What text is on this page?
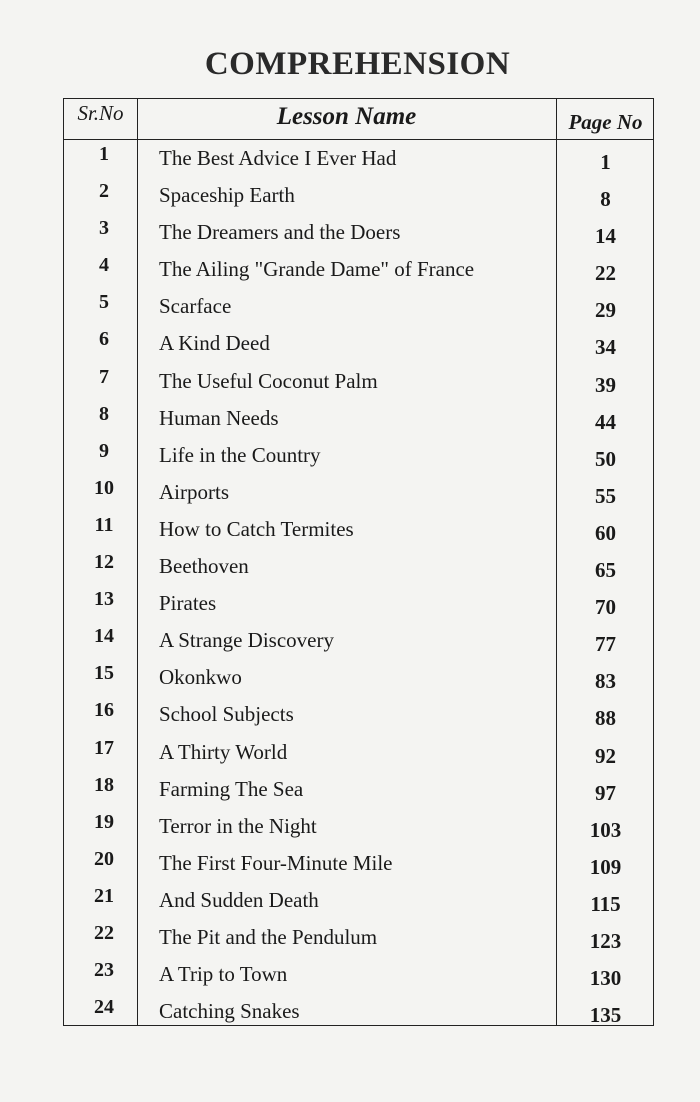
COMPREHENSION
Sr.No	Lesson Name	Page No
1	The Best Advice I Ever Had	1
2	Spaceship Earth	8
3	The Dreamers and the Doers	14
4	The Ailing "Grande Dame" of France	22
5	Scarface	29
6	A Kind Deed	34
7	The Useful Coconut Palm	39
8	Human Needs	44
9	Life in the Country	50
10	Airports	55
11	How to Catch Termites	60
12	Beethoven	65
13	Pirates	70
14	A Strange Discovery	77
15	Okonkwo	83
16	School Subjects	88
17	A Thirty World	92
18	Farming The Sea	97
19	Terror in the Night	103
20	The First Four-Minute Mile	109
21	And Sudden Death	115
22	The Pit and the Pendulum	123
23	A Trip to Town	130
24	Catching Snakes	135
